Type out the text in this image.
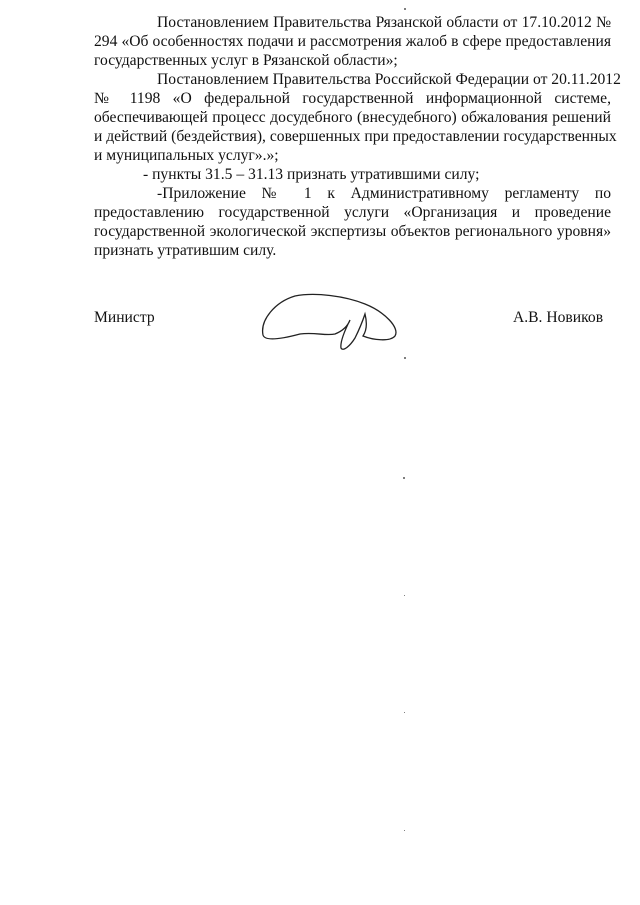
Постановлением Правительства Рязанской области от 17.10.2012 №
294 «Об особенностях подачи и рассмотрения жалоб в сфере предоставления
государственных услуг в Рязанской области»;
Постановлением Правительства Российской Федерации от 20.11.2012
№ 1198 «О федеральной государственной информационной системе,
обеспечивающей процесс досудебного (внесудебного) обжалования решений
и действий (бездействия), совершенных при предоставлении государственных
и муниципальных услуг».»;
- пункты 31.5 – 31.13 признать утратившими силу;
-Приложение № 1 к Административному регламенту по
предоставлению государственной услуги «Организация и проведение
государственной экологической экспертизы объектов регионального уровня»
признать утратившим силу.
Министр	А.В. Новиков
